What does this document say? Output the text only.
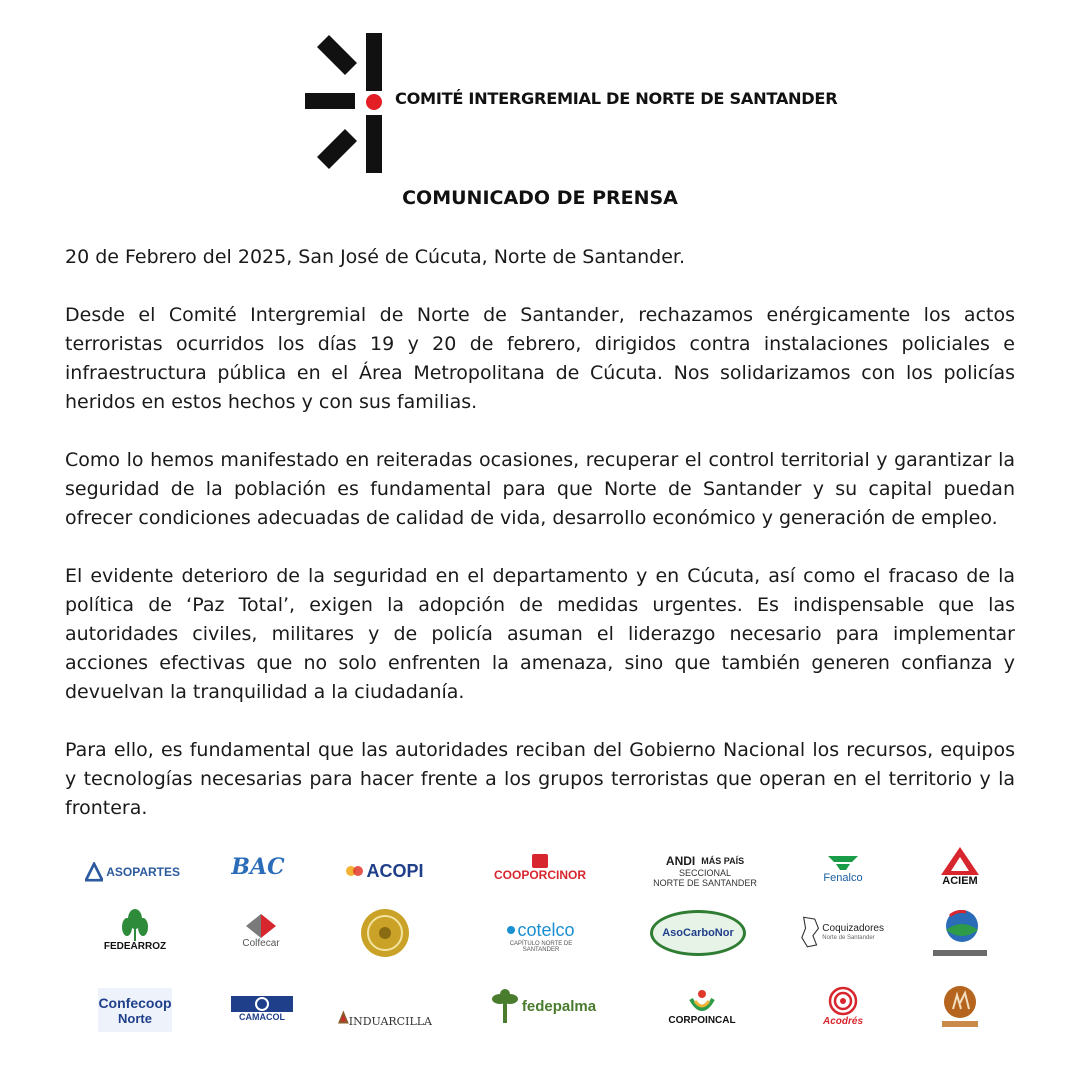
COMITÉ INTERGREMIAL DE NORTE DE SANTANDER
COMUNICADO DE PRENSA

20 de Febrero del 2025, San José de Cúcuta, Norte de Santander.

Desde el Comité Intergremial de Norte de Santander, rechazamos enérgicamente los actos terroristas ocurridos los días 19 y 20 de febrero, dirigidos contra instalaciones policiales e infraestructura pública en el Área Metropolitana de Cúcuta. Nos solidarizamos con los policías heridos en estos hechos y con sus familias.

Como lo hemos manifestado en reiteradas ocasiones, recuperar el control territorial y garantizar la seguridad de la población es fundamental para que Norte de Santander y su capital puedan ofrecer condiciones adecuadas de calidad de vida, desarrollo económico y generación de empleo.

El evidente deterioro de la seguridad en el departamento y en Cúcuta, así como el fracaso de la política de ‘Paz Total’, exigen la adopción de medidas urgentes. Es indispensable que las autoridades civiles, militares y de policía asuman el liderazgo necesario para implementar acciones efectivas que no solo enfrenten la amenaza, sino que también generen confianza y devuelvan la tranquilidad a la ciudadanía.

Para ello, es fundamental que las autoridades reciban del Gobierno Nacional los recursos, equipos y tecnologías necesarias para hacer frente a los grupos terroristas que operan en el territorio y la frontera.

ASOPARTES BAC	ACOPI	COOPORCINOR
ANDI MÁS PAÍS
SECCIONAL
NORTE DE SANTANDER	Fenalco	ACIEM
FEDEARROZ	Colfecar
cotelco
CAPÍTULO NORTE DE SANTANDER
AsoCarboNor	Coquizadores
Norte de Santander
Confecoop
Norte	CAMACOL	INDUARCILLA
fedepalma
CORPOINCAL	Acodrés
